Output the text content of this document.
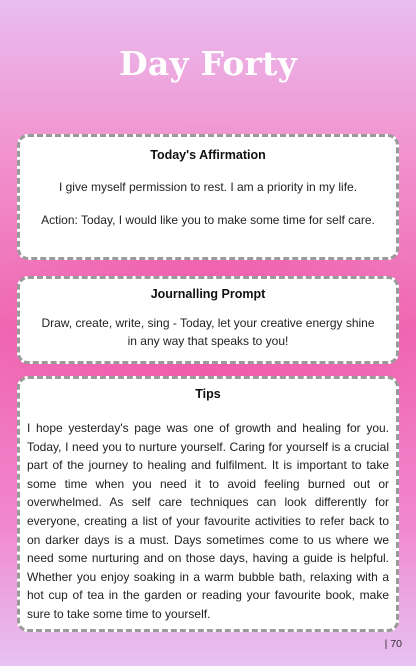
Day Forty
Today's Affirmation
I give myself permission to rest. I am a priority in my life.
Action: Today, I would like you to make some time for self care.
Journalling Prompt
Draw, create, write, sing - Today, let your creative energy shine in any way that speaks to you!
Tips
I hope yesterday's page was one of growth and healing for you. Today, I need you to nurture yourself. Caring for yourself is a crucial part of the journey to healing and fulfilment. It is important to take some time when you need it to avoid feeling burned out or overwhelmed. As self care techniques can look differently for everyone, creating a list of your favourite activities to refer back to on darker days is a must. Days sometimes come to us where we need some nurturing and on those days, having a guide is helpful. Whether you enjoy soaking in a warm bubble bath, relaxing with a hot cup of tea in the garden or reading your favourite book, make sure to take some time to yourself.
| 70
